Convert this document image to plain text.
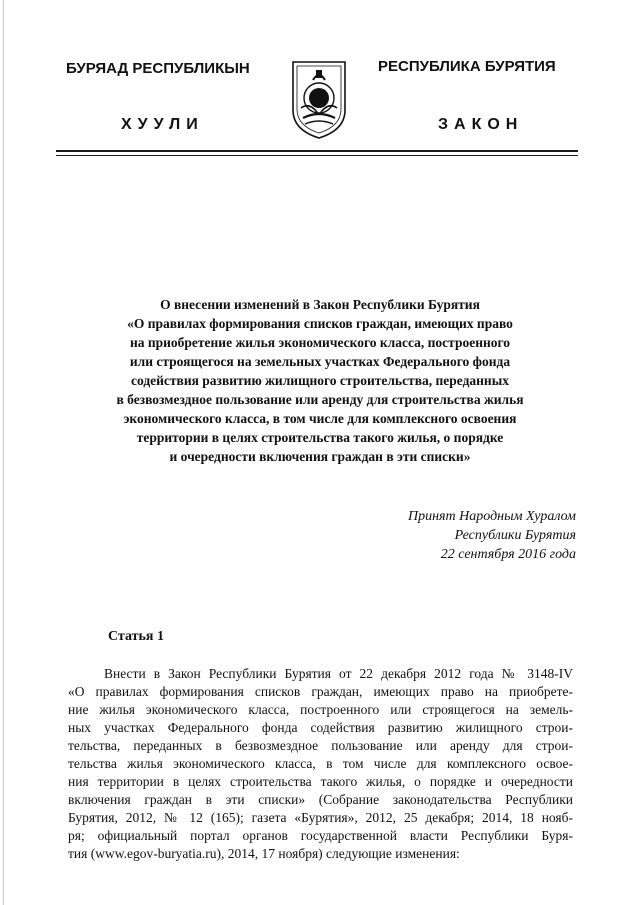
БУРЯАД РЕСПУБЛИКЫН
ХУУЛИ
РЕСПУБЛИКА БУРЯТИЯ
ЗАКОН
О внесении изменений в Закон Республики Бурятия
«О правилах формирования списков граждан, имеющих право
на приобретение жилья экономического класса, построенного
или строящегося на земельных участках Федерального фонда
содействия развитию жилищного строительства, переданных
в безвозмездное пользование или аренду для строительства жилья
экономического класса, в том числе для комплексного освоения
территории в целях строительства такого жилья, о порядке
и очередности включения граждан в эти списки»
Принят Народным Хуралом
Республики Бурятия
22 сентября 2016 года
Статья 1
Внести в Закон Республики Бурятия от 22 декабря 2012 года № 3148-IV
«О правилах формирования списков граждан, имеющих право на приобрете-
ние жилья экономического класса, построенного или строящегося на земель-
ных участках Федерального фонда содействия развитию жилищного строи-
тельства, переданных в безвозмездное пользование или аренду для строи-
тельства жилья экономического класса, в том числе для комплексного освое-
ния территории в целях строительства такого жилья, о порядке и очередности
включения граждан в эти списки» (Собрание законодательства Республики
Бурятия, 2012, № 12 (165); газета «Бурятия», 2012, 25 декабря; 2014, 18 нояб-
ря; официальный портал органов государственной власти Республики Буря-
тия (www.egov-buryatia.ru), 2014, 17 ноября) следующие изменения:
